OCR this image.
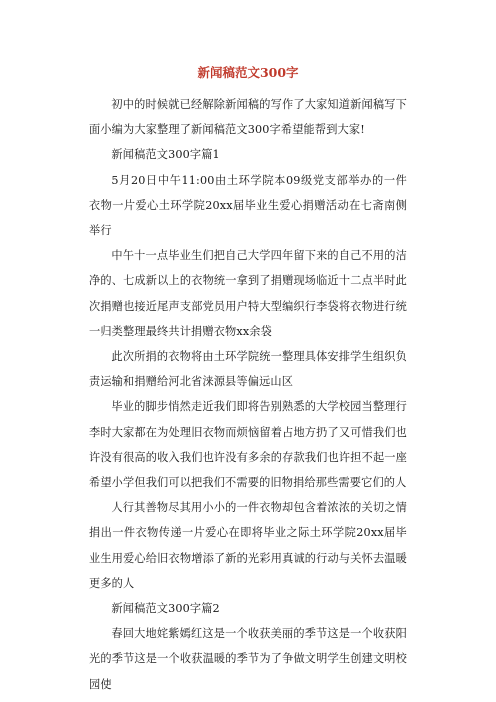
新闻稿范文300字

初中的时候就已经解除新闻稿的写作了大家知道新闻稿写下面小编为大家整理了新闻稿范文300字希望能帮到大家!

新闻稿范文300字篇1

5月20日中午11:00由土环学院本09级党支部举办的一件衣物一片爱心土环学院20xx届毕业生爱心捐赠活动在七斋南侧举行

中午十一点毕业生们把自己大学四年留下来的自己不用的洁净的、七成新以上的衣物统一拿到了捐赠现场临近十二点半时此次捐赠也接近尾声支部党员用户特大型编织行李袋将衣物进行统一归类整理最终共计捐赠衣物xx余袋

此次所捐的衣物将由土环学院统一整理具体安排学生组织负责运输和捐赠给河北省涞源县等偏远山区

毕业的脚步悄然走近我们即将告别熟悉的大学校园当整理行李时大家都在为处理旧衣物而烦恼留着占地方扔了又可惜我们也许没有很高的收入我们也许没有多余的存款我们也许担不起一座希望小学但我们可以把我们不需要的旧物捐给那些需要它们的人

人行其善物尽其用小小的一件衣物却包含着浓浓的关切之情捐出一件衣物传递一片爱心在即将毕业之际土环学院20xx届毕业生用爱心给旧衣物增添了新的光彩用真诚的行动与关怀去温暖更多的人

新闻稿范文300字篇2

春回大地姹紫嫣红这是一个收获美丽的季节这是一个收获阳光的季节这是一个收获温暖的季节为了争做文明学生创建文明校园使
